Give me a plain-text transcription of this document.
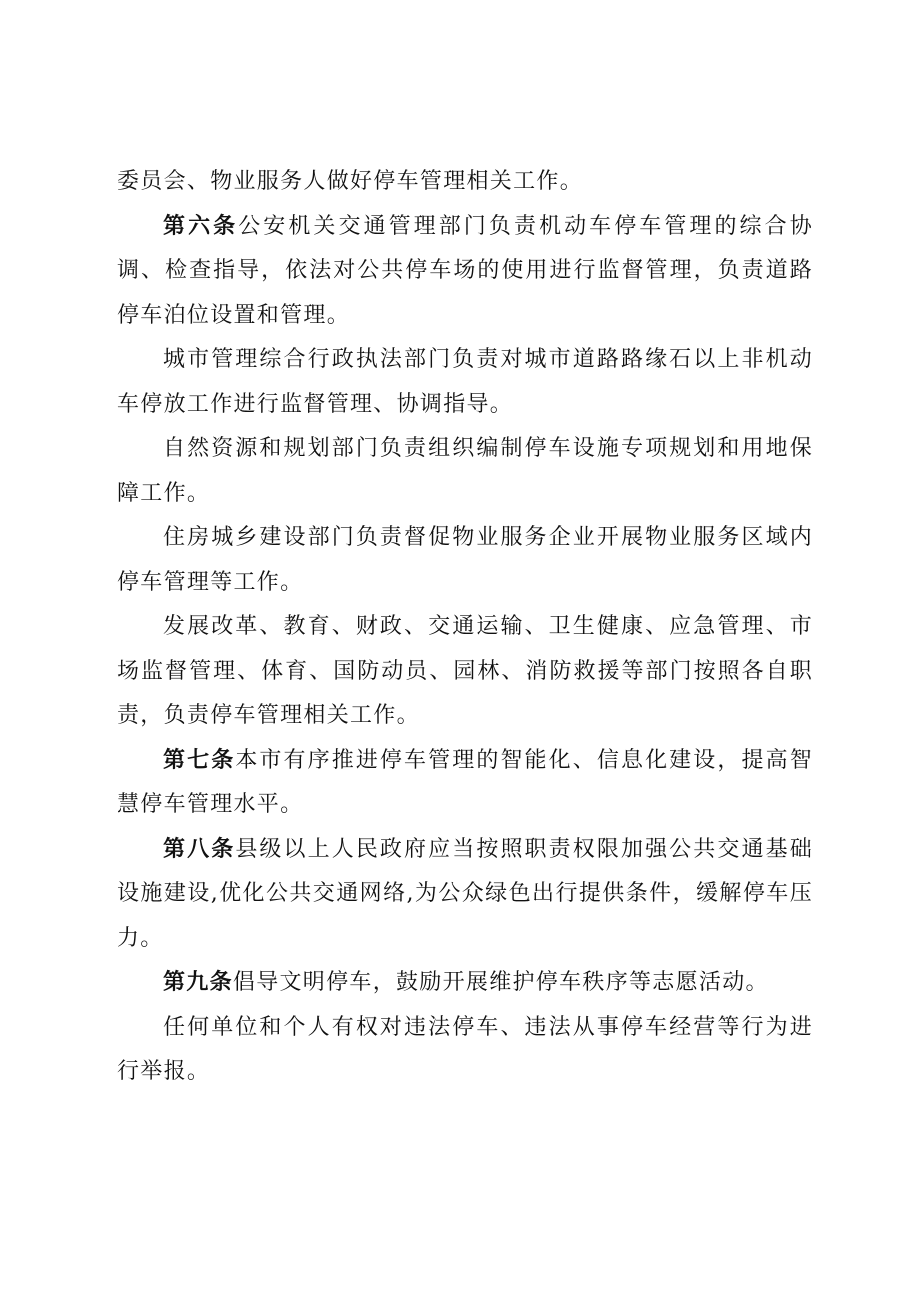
委员会、物业服务人做好停车管理相关工作。

第六条公安机关交通管理部门负责机动车停车管理的综合协调、检查指导，依法对公共停车场的使用进行监督管理，负责道路停车泊位设置和管理。

城市管理综合行政执法部门负责对城市道路路缘石以上非机动车停放工作进行监督管理、协调指导。

自然资源和规划部门负责组织编制停车设施专项规划和用地保障工作。

住房城乡建设部门负责督促物业服务企业开展物业服务区域内停车管理等工作。

发展改革、教育、财政、交通运输、卫生健康、应急管理、市场监督管理、体育、国防动员、园林、消防救援等部门按照各自职责，负责停车管理相关工作。

第七条本市有序推进停车管理的智能化、信息化建设，提高智慧停车管理水平。

第八条县级以上人民政府应当按照职责权限加强公共交通基础设施建设,优化公共交通网络,为公众绿色出行提供条件，缓解停车压力。

第九条倡导文明停车，鼓励开展维护停车秩序等志愿活动。

任何单位和个人有权对违法停车、违法从事停车经营等行为进行举报。
